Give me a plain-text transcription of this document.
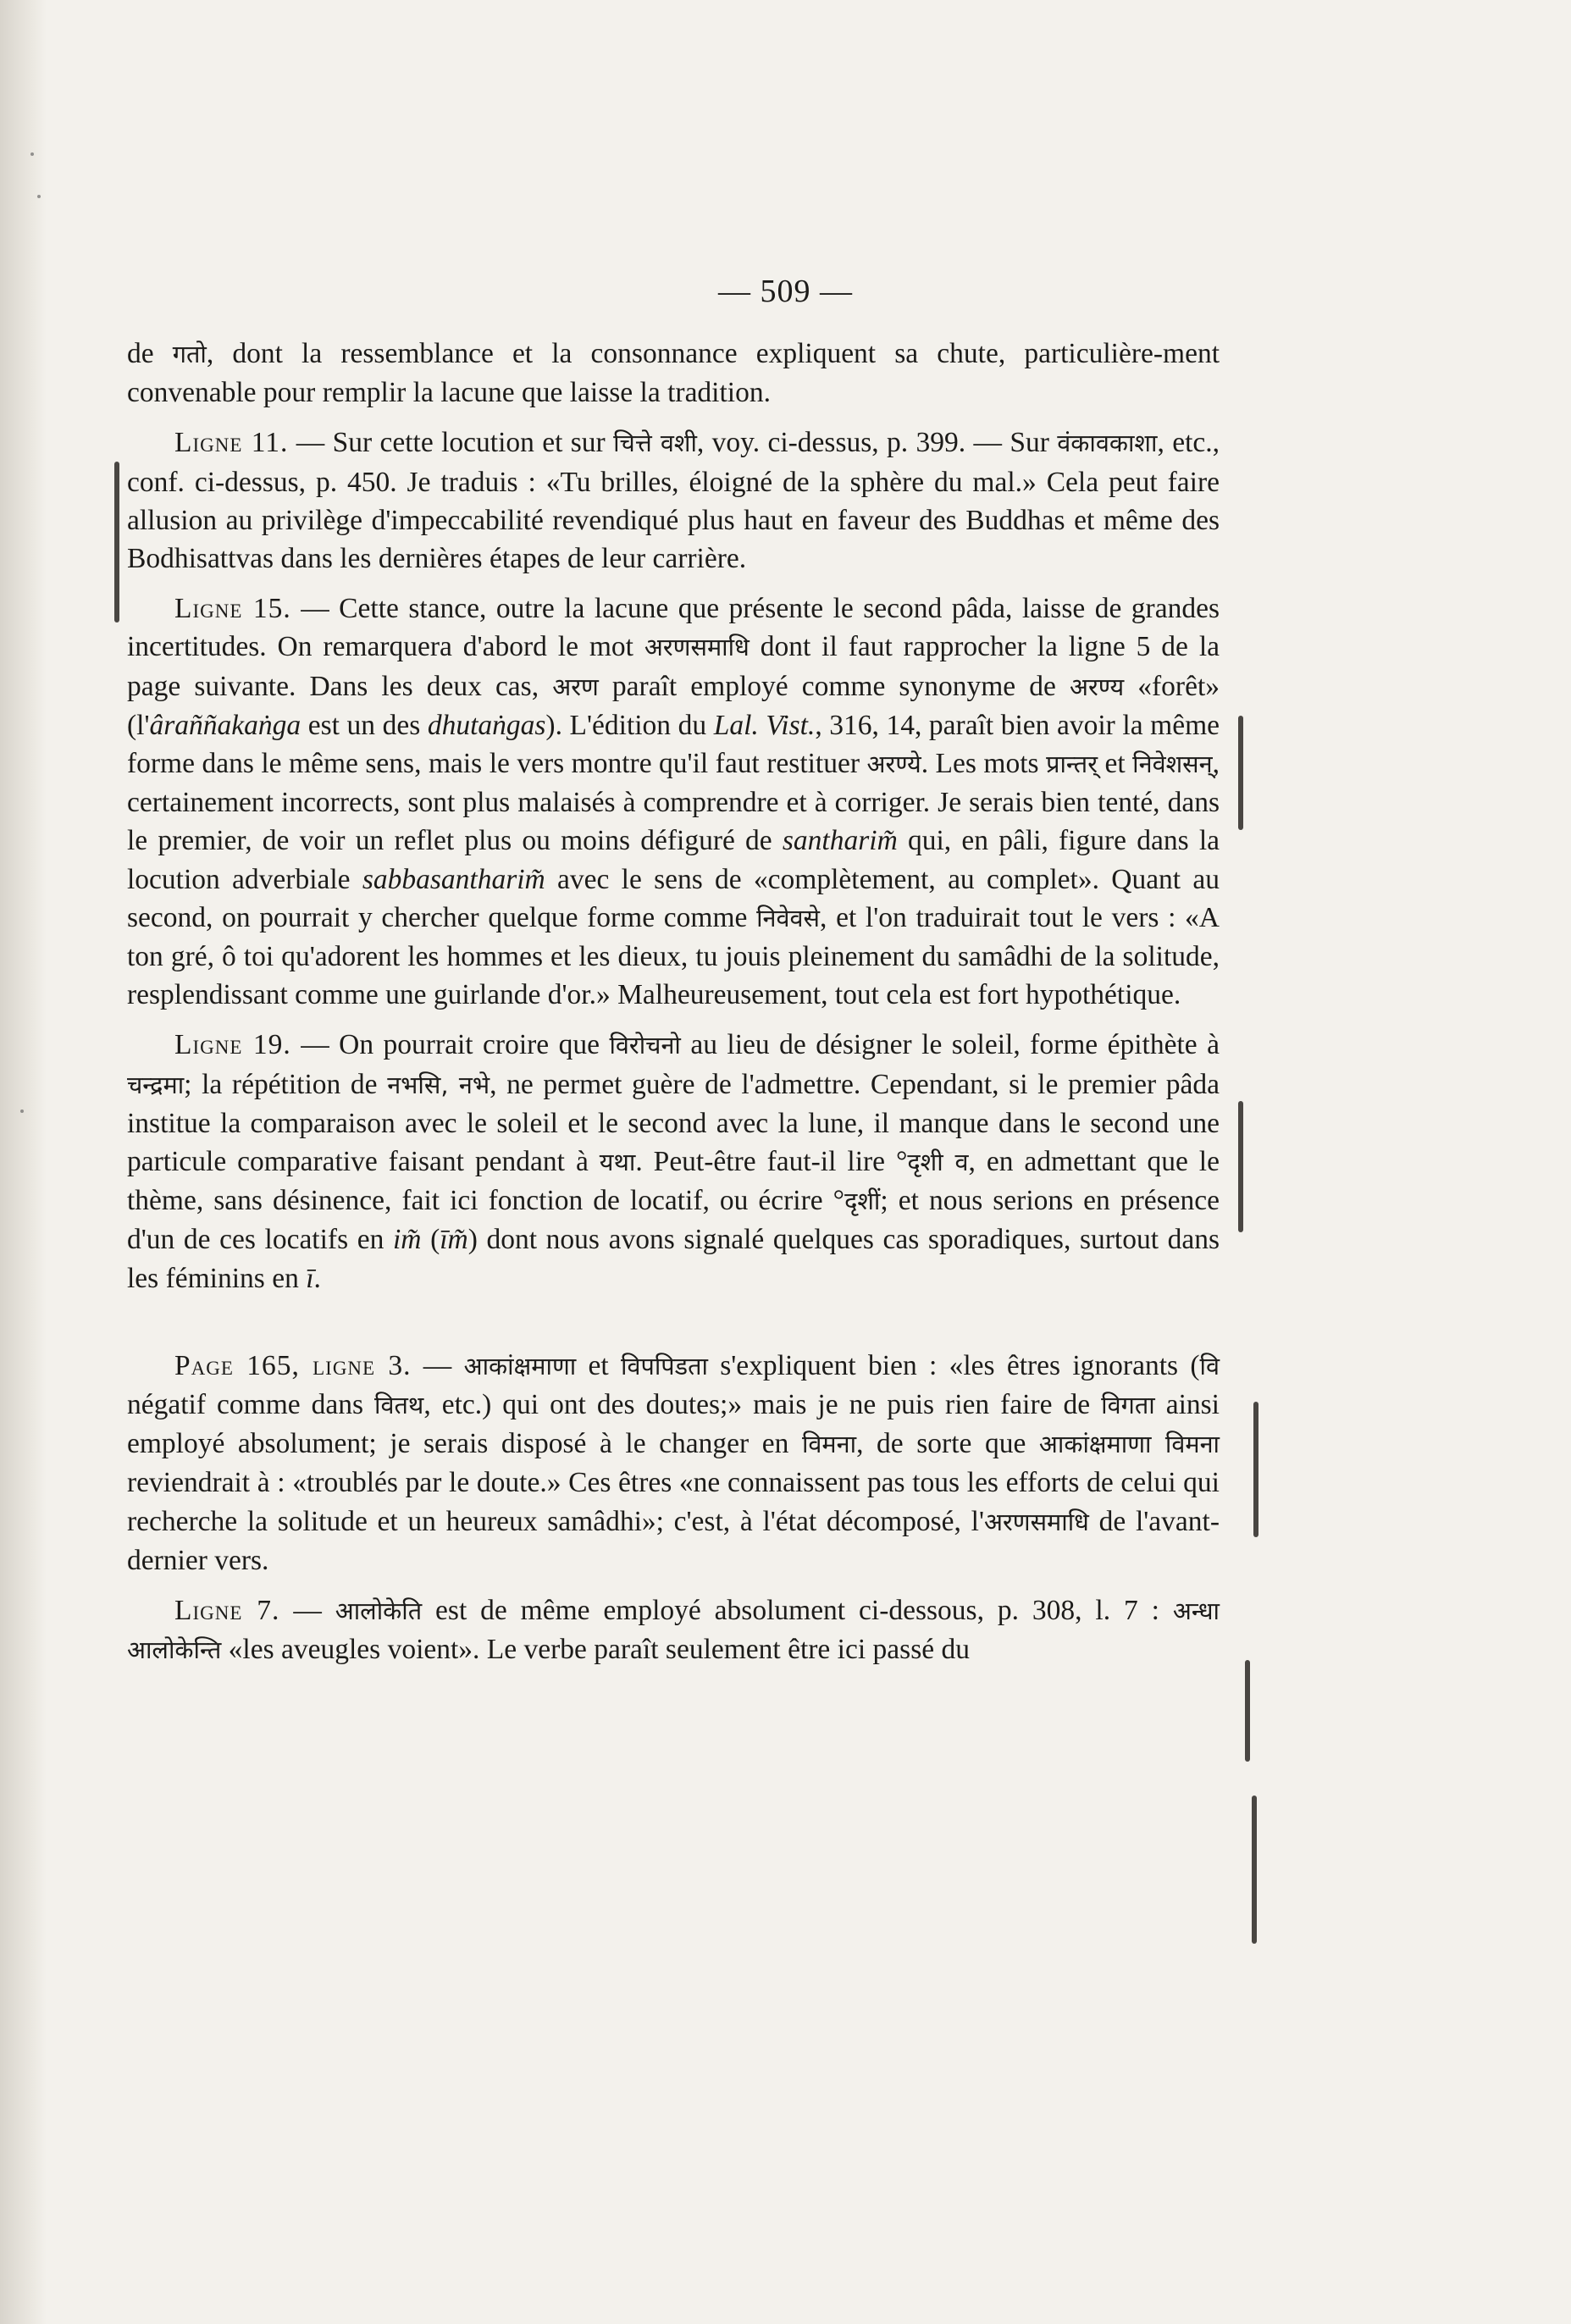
— 509 —

de गतो, dont la ressemblance et la consonnance expliquent sa chute, particulière-ment convenable pour remplir la lacune que laisse la tradition.

Ligne 11. — Sur cette locution et sur चित्ते वशी, voy. ci-dessus, p. 399. — Sur वंकावकाशा, etc., conf. ci-dessus, p. 450. Je traduis : «Tu brilles, éloigné de la sphère du mal.» Cela peut faire allusion au privilège d'impeccabilité revendiqué plus haut en faveur des Buddhas et même des Bodhisattvas dans les dernières étapes de leur carrière.

Ligne 15. — Cette stance, outre la lacune que présente le second pâda, laisse de grandes incertitudes. On remarquera d'abord le mot अरणसमाधि dont il faut rapprocher la ligne 5 de la page suivante. Dans les deux cas, अरण paraît employé comme synonyme de अरण्य «forêt» (l'âraññakaṅga est un des dhutaṅgas). L'édition du Lal. Vist., 316, 14, paraît bien avoir la même forme dans le même sens, mais le vers montre qu'il faut restituer अरण्ये. Les mots प्रान्तर् et निवेशसन्, certainement incorrects, sont plus malaisés à comprendre et à corriger. Je serais bien tenté, dans le premier, de voir un reflet plus ou moins défiguré de santharim̃ qui, en pâli, figure dans la locution adverbiale sabbasantharim̃ avec le sens de «complètement, au complet». Quant au second, on pourrait y chercher quelque forme comme निवेवसे, et l'on traduirait tout le vers : «A ton gré, ô toi qu'adorent les hommes et les dieux, tu jouis pleinement du samâdhi de la solitude, resplendissant comme une guirlande d'or.» Malheureusement, tout cela est fort hypothétique.

Ligne 19. — On pourrait croire que विरोचनो au lieu de désigner le soleil, forme épithète à चन्द्रमा; la répétition de नभसि, नभे, ne permet guère de l'admettre. Cependant, si le premier pâda institue la comparaison avec le soleil et le second avec la lune, il manque dans le second une particule comparative faisant pendant à यथा. Peut-être faut-il lire °दृशी व, en admettant que le thème, sans désinence, fait ici fonction de locatif, ou écrire °दृशीं; et nous serions en présence d'un de ces locatifs en im̃ (īm̃) dont nous avons signalé quelques cas sporadiques, surtout dans les féminins en ī.

Page 165, ligne 3. — आकांक्षमाणा et विपपिडता s'expliquent bien : «les êtres ignorants (वि négatif comme dans वितथ, etc.) qui ont des doutes;» mais je ne puis rien faire de विगता ainsi employé absolument; je serais disposé à le changer en विमना, de sorte que आकांक्षमाणा विमना reviendrait à : «troublés par le doute.» Ces êtres «ne connaissent pas tous les efforts de celui qui recherche la solitude et un heureux samâdhi»; c'est, à l'état décomposé, l'अरणसमाधि de l'avant-dernier vers.

Ligne 7. — आलोकेति est de même employé absolument ci-dessous, p. 308, l. 7 : अन्धा आलोकेन्ति «les aveugles voient». Le verbe paraît seulement être ici passé du
